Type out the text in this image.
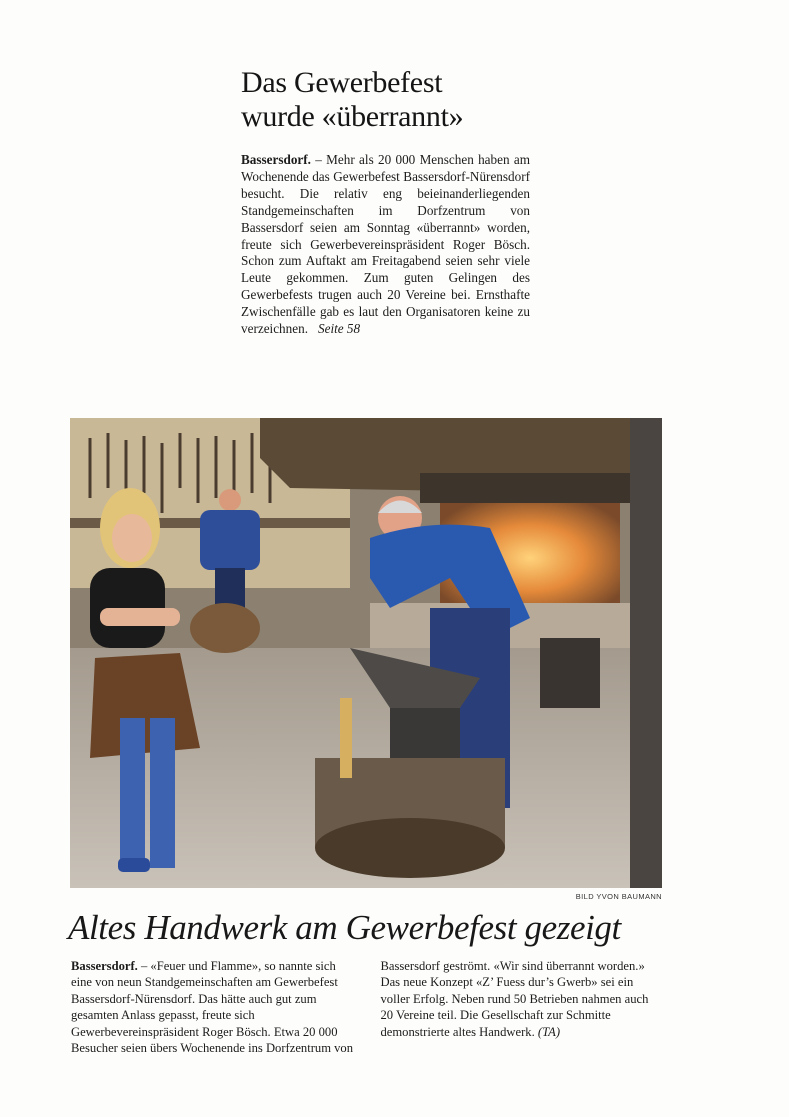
Das Gewerbefest
wurde «überrannt»
Bassersdorf. – Mehr als 20 000 Menschen haben am Wochenende das Gewerbefest Bassersdorf-Nürensdorf besucht. Die relativ eng beieinanderliegenden Standgemeinschaften im Dorfzentrum von Bassersdorf seien am Sonntag «überrannt» worden, freute sich Gewerbevereinspräsident Roger Bösch. Schon zum Auftakt am Freitagabend seien sehr viele Leute gekommen. Zum guten Gelingen des Gewerbefests trugen auch 20 Vereine bei. Ernsthafte Zwischenfälle gab es laut den Organisatoren keine zu verzeichnen. Seite 58
BILD YVON BAUMANN
Altes Handwerk am Gewerbefest gezeigt

Bassersdorf. – «Feuer und Flamme», so nannte sich eine von neun Standgemeinschaften am Gewerbefest Bassersdorf-Nürensdorf. Das hätte auch gut zum gesamten Anlass gepasst, freute sich Gewerbevereinspräsident Roger Bösch. Etwa 20 000 Besucher seien übers Wochenende ins Dorfzentrum von Bassersdorf geströmt. «Wir sind überrannt worden.» Das neue Konzept «Z’ Fuess dur’s Gwerb» sei ein voller Erfolg. Neben rund 50 Betrieben nahmen auch 20 Vereine teil. Die Gesellschaft zur Schmitte demonstrierte altes Handwerk. (TA)
